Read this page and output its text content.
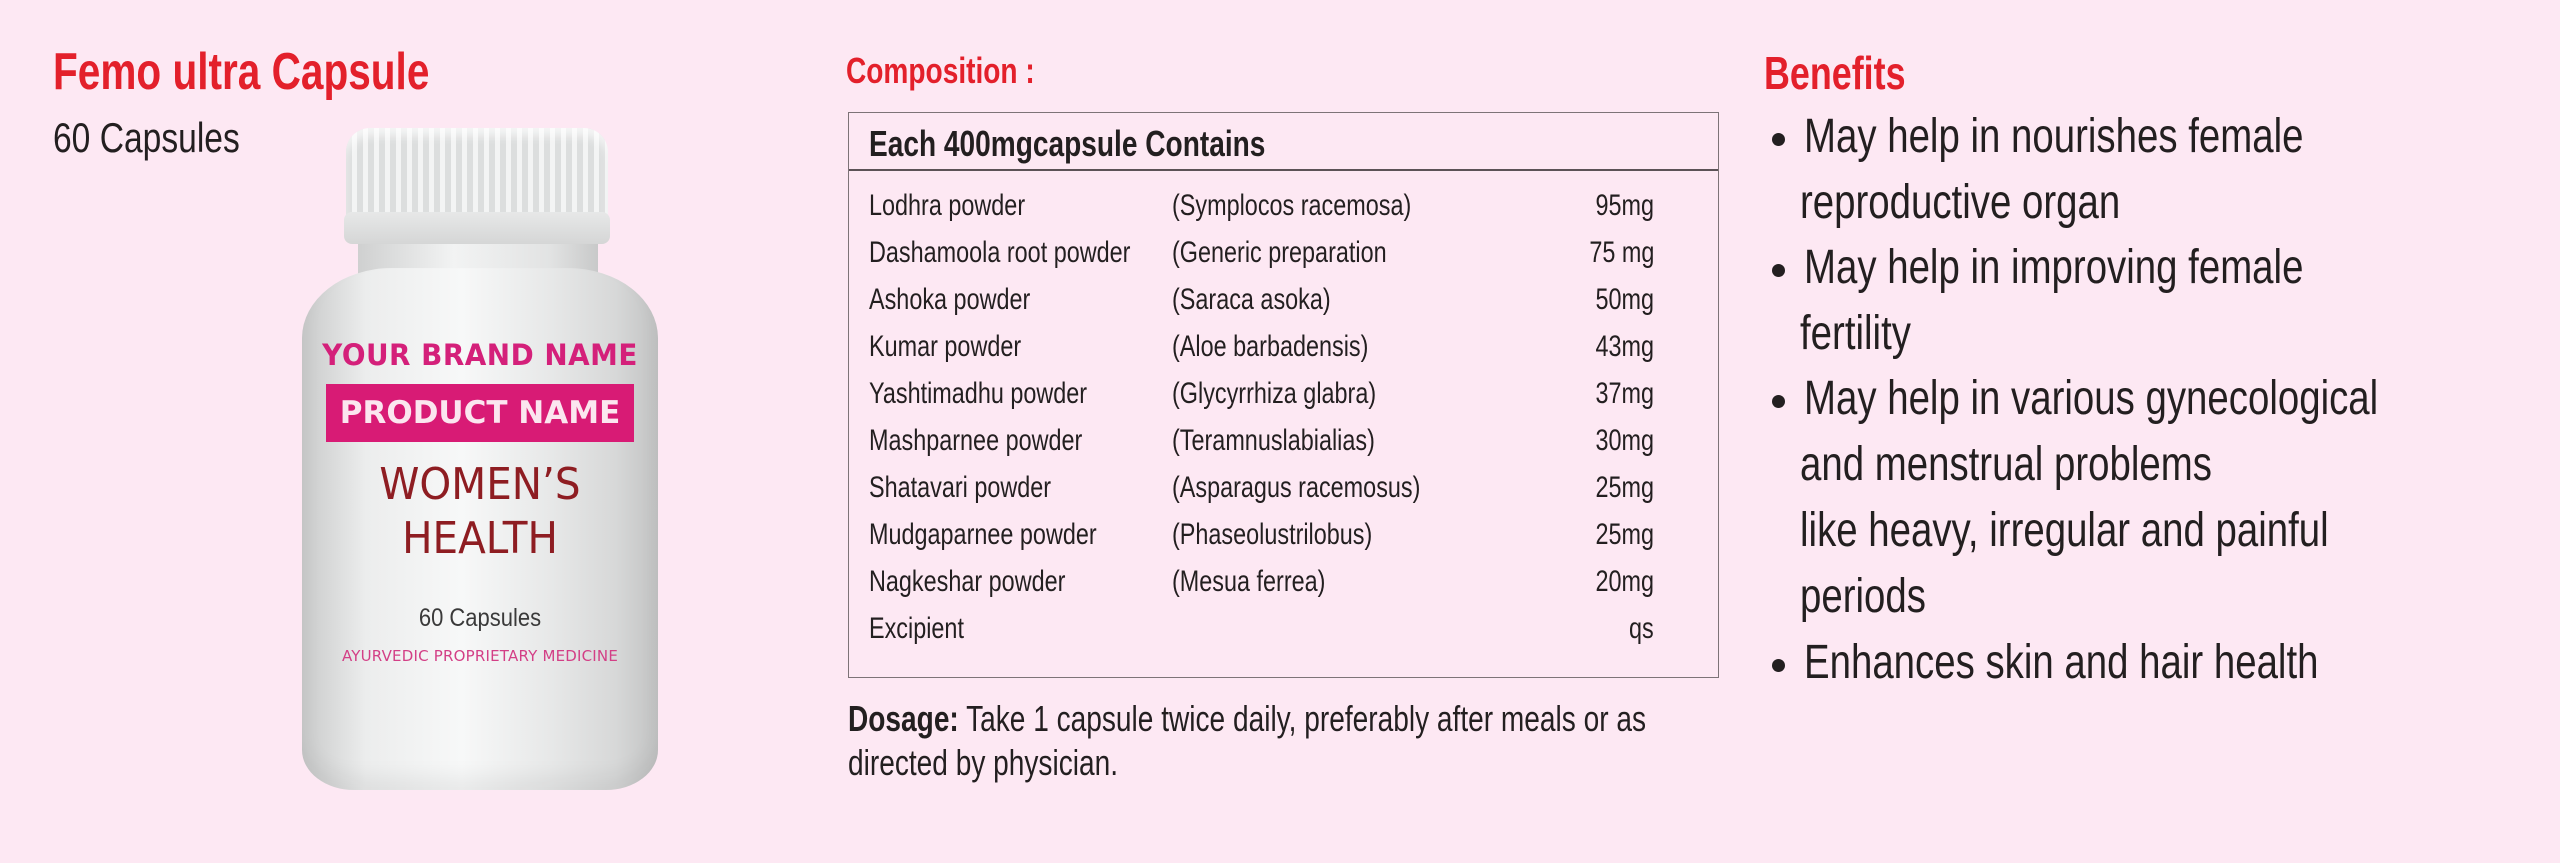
Femo ultra Capsule
60 Capsules
YOUR BRAND NAME
PRODUCT NAME
WOMEN’S
HEALTH
60 Capsules
AYURVEDIC PROPRIETARY MEDICINE
Composition :
Each 400mgcapsule Contains
Lodhra powder	(Symplocos racemosa)	95mg
Dashamoola root powder (Generic preparation	75 mg
Ashoka powder	(Saraca asoka)	50mg
Kumar powder	(Aloe barbadensis)	43mg
Yashtimadhu powder	(Glycyrrhiza glabra)	37mg
Mashparnee powder	(Teramnuslabialias)	30mg
Shatavari powder	(Asparagus racemosus)	25mg
Mudgaparnee powder	(Phaseolustrilobus)	25mg
Nagkeshar powder	(Mesua ferrea)	20mg
Excipient	qs
Dosage: Take 1 capsule twice daily, preferably after meals or as directed by physician.
Benefits
May help in nourishes female
reproductive organ
May help in improving female
fertility
May help in various gynecological
and menstrual problems
like heavy, irregular and painful
periods
Enhances skin and hair health
